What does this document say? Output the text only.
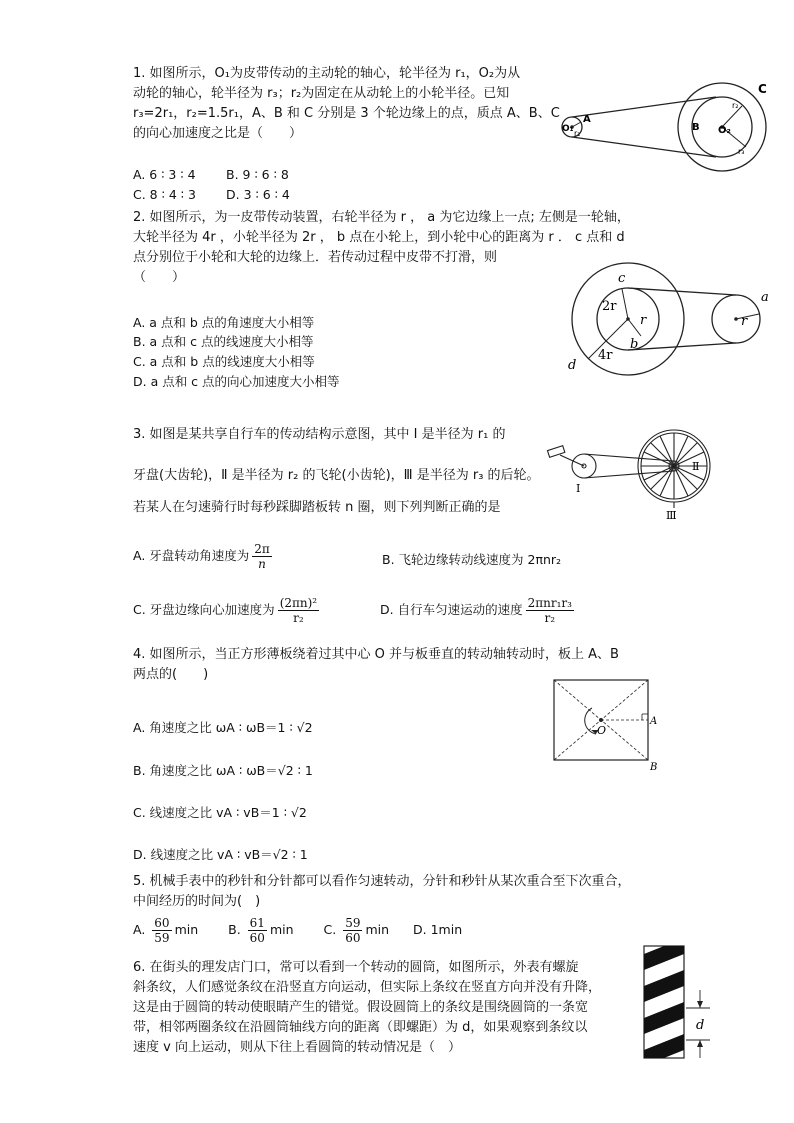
1. 如图所示，O₁为皮带传动的主动轮的轴心，轮半径为 r₁，O₂为从
动轮的轴心，轮半径为 r₃；r₂为固定在从动轮上的小轮半径。已知
r₃=2r₁，r₂=1.5r₁，A、B 和 C 分别是 3 个轮边缘上的点，质点 A、B、C
的向心加速度之比是（　　）
A. 6 ∶ 3 ∶ 4 B. 9 ∶ 6 ∶ 8
C. 8 ∶ 4 ∶ 3 D. 3 ∶ 6 ∶ 4
O₁
A
r₁
B O₂
C
r₂
r₃
2. 如图所示，为一皮带传动装置，右轮半径为 r ， a 为它边缘上一点; 左侧是一轮轴，
大轮半径为 4r ，小轮半径为 2r ， b 点在小轮上，到小轮中心的距离为 r ． c 点和 d
点分别位于小轮和大轮的边缘上．若传动过程中皮带不打滑，则
（　　）
A. a 点和 b 点的角速度大小相等
B. a 点和 c 点的线速度大小相等
C. a 点和 b 点的线速度大小相等
D. a 点和 c 点的向心加速度大小相等
c
2r
r
b
4r
d
a
r
3. 如图是某共享自行车的传动结构示意图，其中 Ⅰ 是半径为 r₁ 的
牙盘(大齿轮)，Ⅱ 是半径为 r₂ 的飞轮(小齿轮)，Ⅲ 是半径为 r₃ 的后轮。
若某人在匀速骑行时每秒踩脚踏板转 n 圈，则下列判断正确的是
A. 牙盘转动角速度为 $\frac{2\pi}{n}$	B. 飞轮边缘转动线速度为 2πnr₂
C. 牙盘边缘向心加速度为 $\frac{\text{(2πn)²}}{\text{r₂}}$	D. 自行车匀速运动的速度 $\frac{\text{2πnr₁r₃}}{\text{r₂}}$
Ⅰ
Ⅱ
Ⅲ
4. 如图所示，当正方形薄板绕着过其中心 O 并与板垂直的转动轴转动时，板上 A、B
两点的(　　)
A. 角速度之比 ωA ∶ ωB＝1 ∶ √2
B. 角速度之比 ωA ∶ ωB＝√2 ∶ 1
C. 线速度之比 vA ∶ vB＝1 ∶ √2
D. 线速度之比 vA ∶ vB＝√2 ∶ 1
O
A
B
5. 机械手表中的秒针和分针都可以看作匀速转动，分针和秒针从某次重合至下次重合，
中间经历的时间为(　)
A. $\frac{60}{59}$ min B. $\frac{61}{60}$ min C. $\frac{59}{60}$ min D. 1min
6. 在街头的理发店门口，常可以看到一个转动的圆筒，如图所示，外表有螺旋
斜条纹，人们感觉条纹在沿竖直方向运动，但实际上条纹在竖直方向并没有升降，
这是由于圆筒的转动使眼睛产生的错觉。假设圆筒上的条纹是围绕圆筒的一条宽
带，相邻两圈条纹在沿圆筒轴线方向的距离（即螺距）为 d，如果观察到条纹以
速度 v 向上运动，则从下往上看圆筒的转动情况是（　）
d
